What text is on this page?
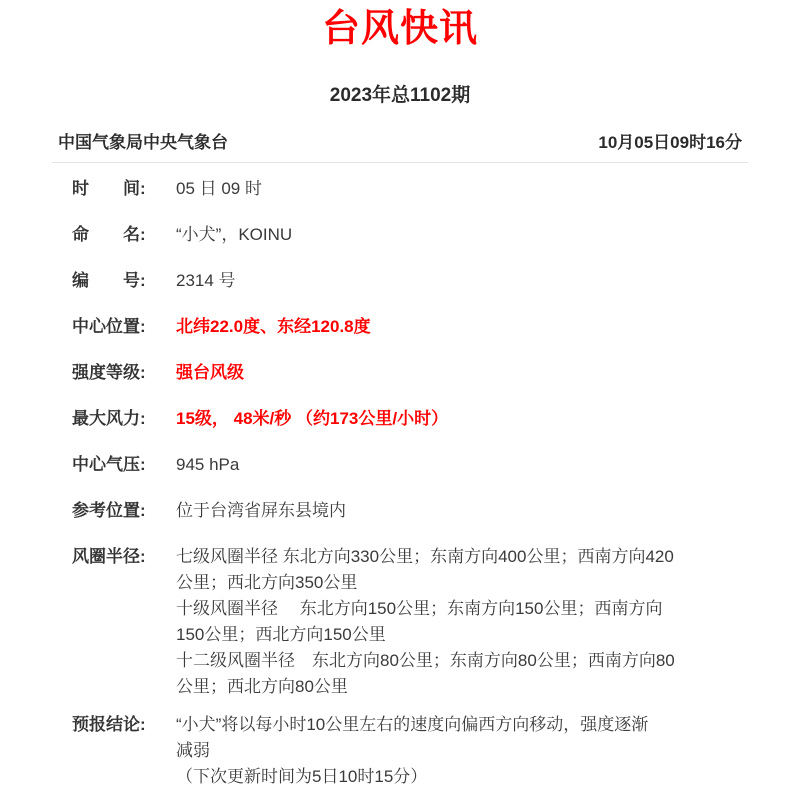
台风快讯
2023年总1102期
中国气象局中央气象台	10月05日09时16分
时　　间:	05 日 09 时
命　　名:	“小犬”，KOINU
编　　号:	2314 号
中心位置:	北纬22.0度、东经120.8度
强度等级:	强台风级
最大风力:	15级， 48米/秒 （约173公里/小时）
中心气压:	945 hPa
参考位置:	位于台湾省屏东县境内
风圈半径:	七级风圈半径 东北方向330公里；东南方向400公里；西南方向420
公里；西北方向350公里
十级风圈半径　 东北方向150公里；东南方向150公里；西南方向
150公里；西北方向150公里
十二级风圈半径　东北方向80公里；东南方向80公里；西南方向80
公里；西北方向80公里
预报结论:	“小犬”将以每小时10公里左右的速度向偏西方向移动，强度逐渐
减弱
（下次更新时间为5日10时15分）
